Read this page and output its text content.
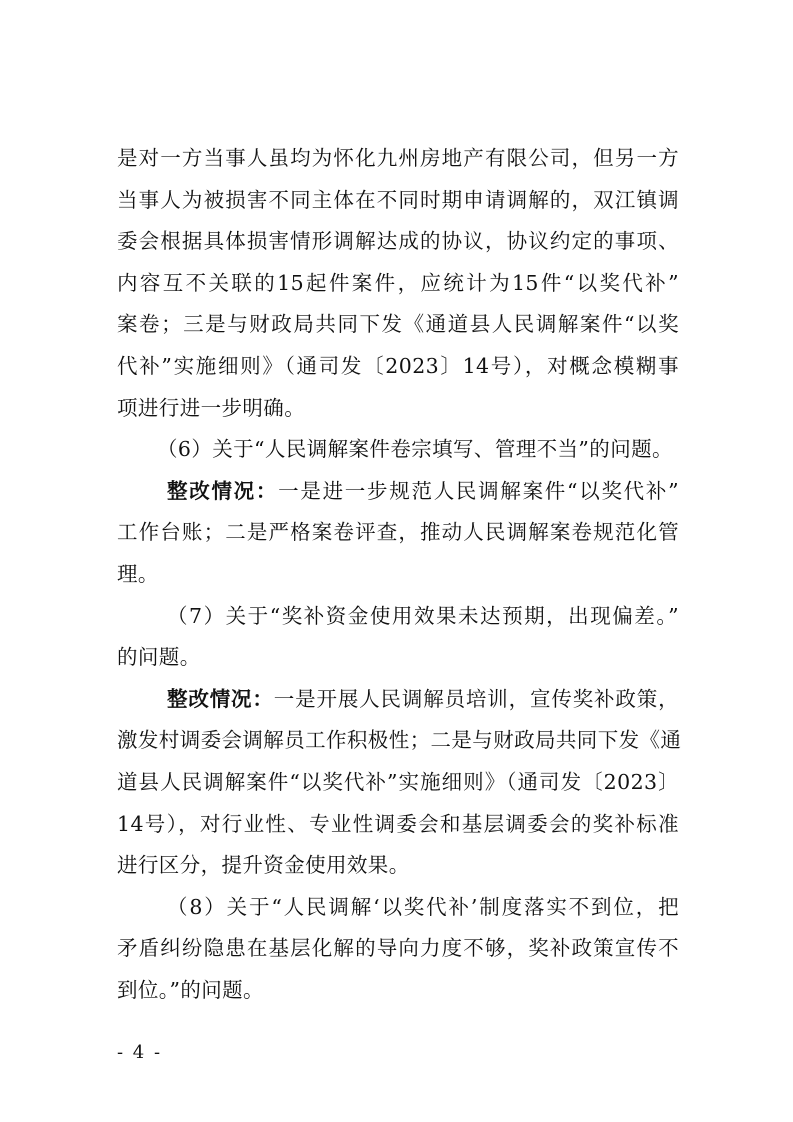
是对一方当事人虽均为怀化九州房地产有限公司，但另一方
当事人为被损害不同主体在不同时期申请调解的，双江镇调
委会根据具体损害情形调解达成的协议，协议约定的事项、
内容互不关联的15起件案件，应统计为15件“以奖代补”
案卷；三是与财政局共同下发《通道县人民调解案件“以奖
代补”实施细则》（通司发〔2023〕14号），对概念模糊事
项进行进一步明确。
（6）关于“人民调解案件卷宗填写、管理不当”的问题。
整改情况：一是进一步规范人民调解案件“以奖代补”
工作台账；二是严格案卷评查，推动人民调解案卷规范化管
理。
（7）关于“奖补资金使用效果未达预期，出现偏差。”
的问题。
整改情况：一是开展人民调解员培训，宣传奖补政策，
激发村调委会调解员工作积极性；二是与财政局共同下发《通
道县人民调解案件“以奖代补”实施细则》（通司发〔2023〕
14号），对行业性、专业性调委会和基层调委会的奖补标准
进行区分，提升资金使用效果。
（8）关于“人民调解‘以奖代补’制度落实不到位，把
矛盾纠纷隐患在基层化解的导向力度不够，奖补政策宣传不
到位。”的问题。
- 4 -
